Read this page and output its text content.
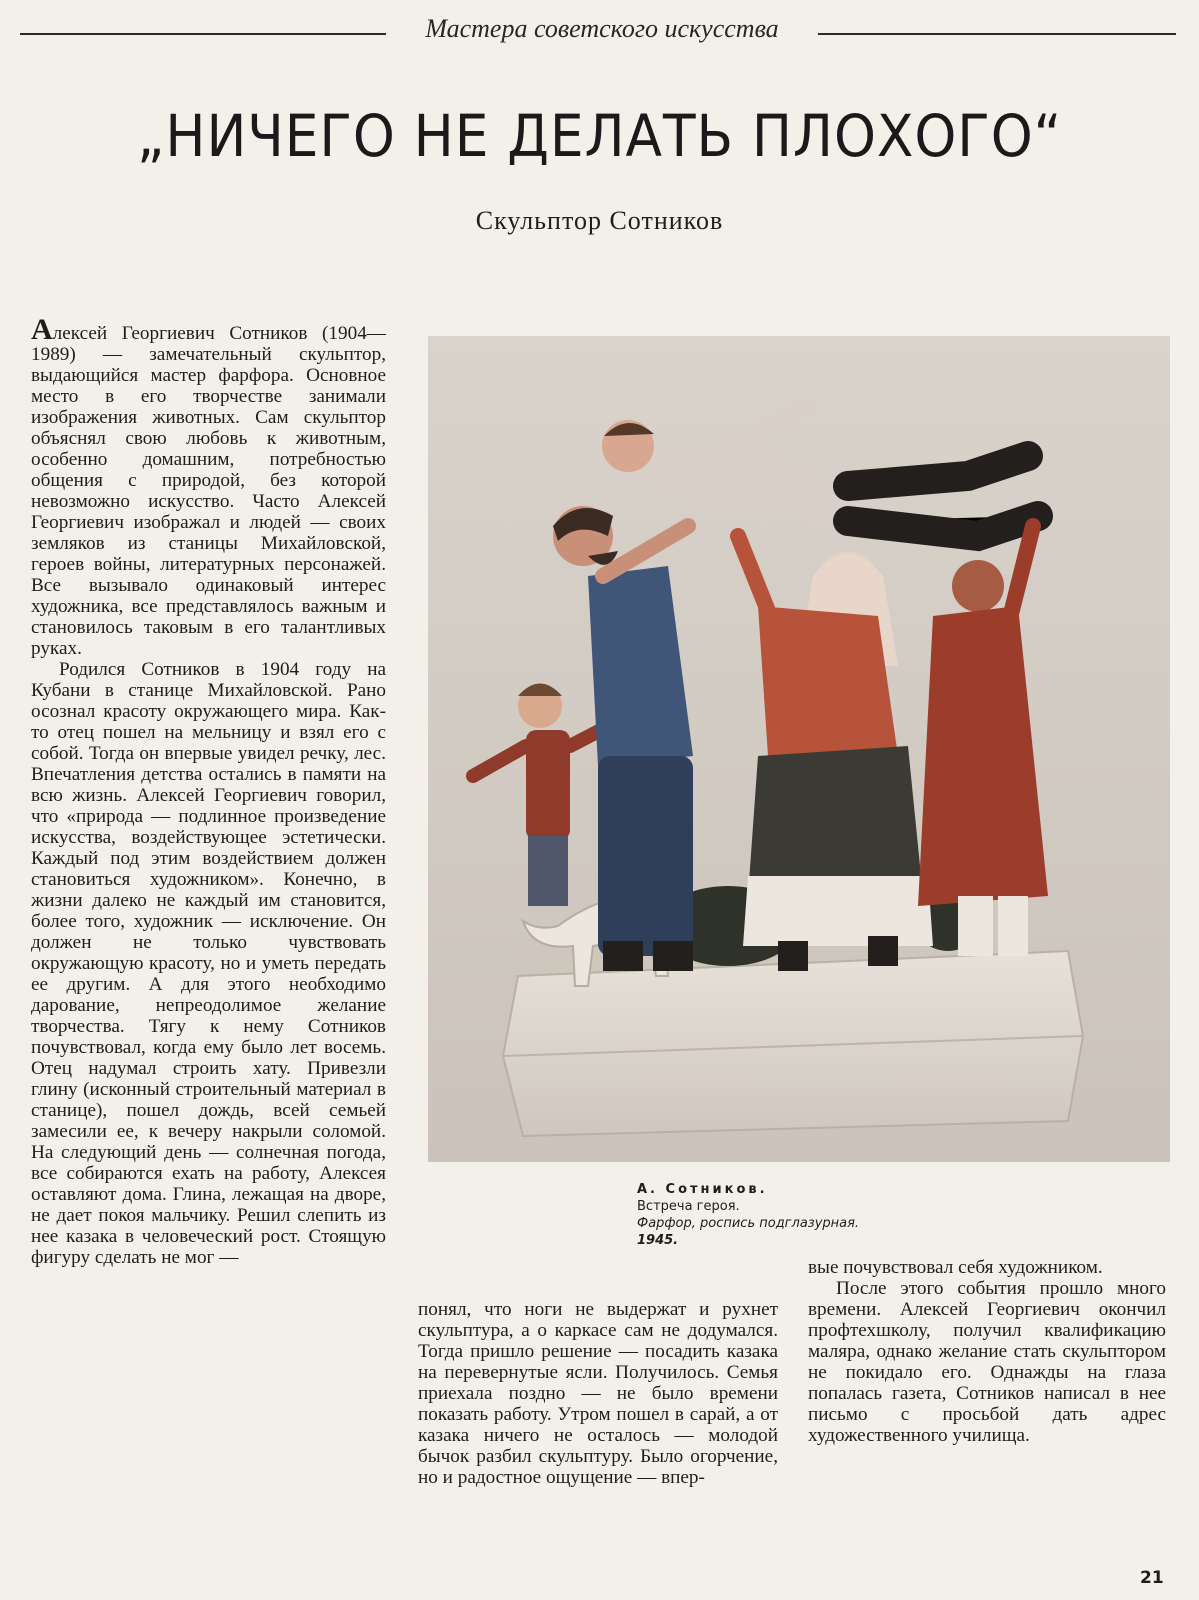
Мастера советского искусства
„НИЧЕГО НЕ ДЕЛАТЬ ПЛОХОГО“
Скульптор Сотников

Алексей Георгиевич Сотников (1904—1989) — замечательный скульптор, выдающийся мастер фарфора. Основное место в его творчестве занимали изображения животных. Сам скульптор объяснял свою любовь к животным, особенно домашним, потребностью общения с природой, без которой невозможно искусство. Часто Алексей Георгиевич изображал и людей — своих земляков из станицы Михайловской, героев войны, литературных персонажей. Все вызывало одинаковый интерес художника, все представлялось важным и становилось таковым в его талантливых руках.

Родился Сотников в 1904 году на Кубани в станице Михайловской. Рано осознал красоту окружающего мира. Как-то отец пошел на мельницу и взял его с собой. Тогда он впервые увидел речку, лес. Впечатления детства остались в памяти на всю жизнь. Алексей Георгиевич говорил, что «природа — подлинное произведение искусства, воздействующее эстетически. Каждый под этим воздействием должен становиться художником». Конечно, в жизни далеко не каждый им становится, более того, художник — исключение. Он должен не только чувствовать окружающую красоту, но и уметь передать ее другим. А для этого необходимо дарование, непреодолимое желание творчества. Тягу к нему Сотников почувствовал, когда ему было лет восемь. Отец надумал строить хату. Привезли глину (исконный строительный материал в станице), пошел дождь, всей семьей замесили ее, к вечеру накрыли соломой. На следующий день — солнечная погода, все собираются ехать на работу, Алексея оставляют дома. Глина, лежащая на дворе, не дает покоя мальчику. Решил слепить из нее казака в человеческий рост. Стоящую фигуру сделать не мог —

А. Сотников.
Встреча героя.
Фарфор, роспись подглазурная.
1945.

понял, что ноги не выдержат и рухнет скульптура, а о каркасе сам не додумался. Тогда пришло решение — посадить казака на перевернутые ясли. Получилось. Семья приехала поздно — не было времени показать работу. Утром пошел в сарай, а от казака ничего не осталось — молодой бычок разбил скульптуру. Было огорчение, но и радостное ощущение — впер-

вые почувствовал себя художником.

После этого события прошло много времени. Алексей Георгиевич окончил профтехшколу, получил квалификацию маляра, однако желание стать скульптором не покидало его. Однажды на глаза попалась газета, Сотников написал в нее письмо с просьбой дать адрес художественного училища.

21
